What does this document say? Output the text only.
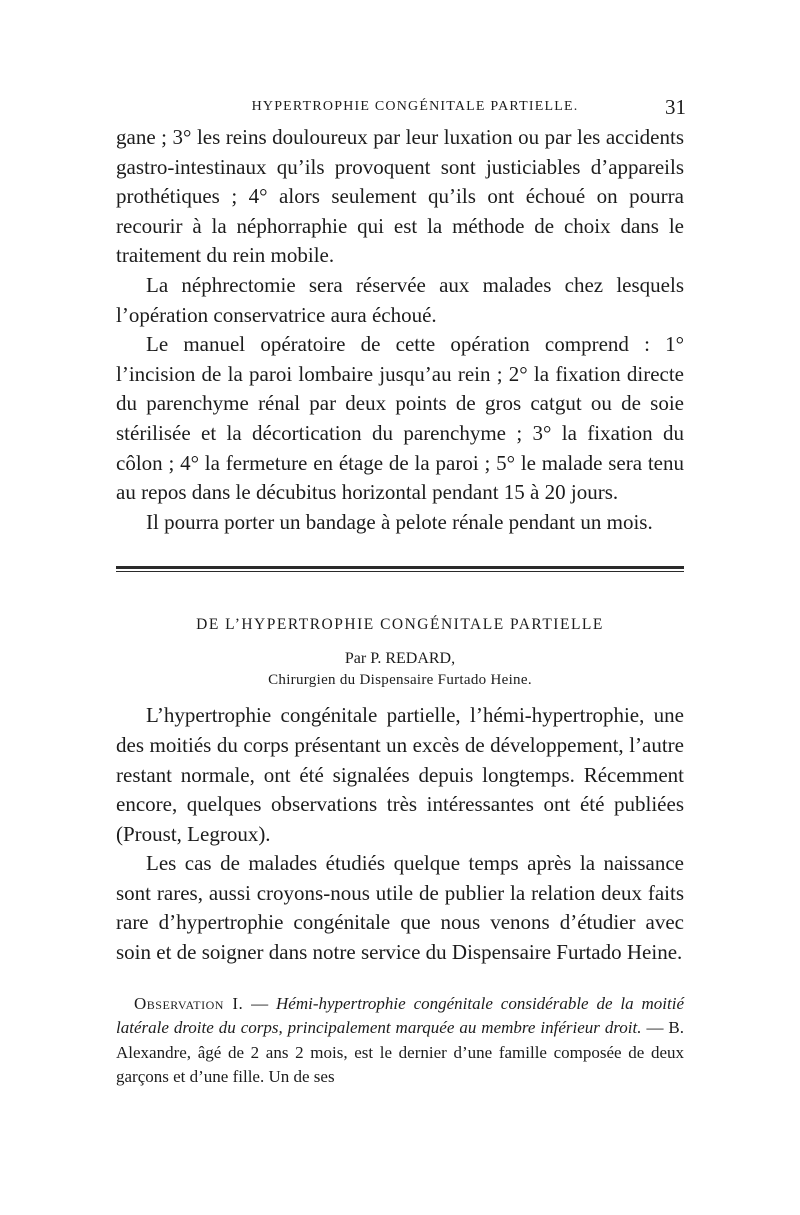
HYPERTROPHIE CONGÉNITALE PARTIELLE.	31

gane ; 3° les reins douloureux par leur luxation ou par les accidents gastro-intestinaux qu’ils provoquent sont justiciables d’appareils prothétiques ; 4° alors seulement qu’ils ont échoué on pourra recourir à la néphorraphie qui est la méthode de choix dans le traitement du rein mobile.

La néphrectomie sera réservée aux malades chez lesquels l’opération conservatrice aura échoué.

Le manuel opératoire de cette opération comprend : 1° l’incision de la paroi lombaire jusqu’au rein ; 2° la fixation directe du parenchyme rénal par deux points de gros catgut ou de soie stérilisée et la décortication du parenchyme ; 3° la fixation du côlon ; 4° la fermeture en étage de la paroi ; 5° le malade sera tenu au repos dans le décubitus horizontal pendant 15 à 20 jours.

Il pourra porter un bandage à pelote rénale pendant un mois.

DE L’HYPERTROPHIE CONGÉNITALE PARTIELLE
Par P. REDARD,
Chirurgien du Dispensaire Furtado Heine.

L’hypertrophie congénitale partielle, l’hémi-hypertrophie, une des moitiés du corps présentant un excès de développement, l’autre restant normale, ont été signalées depuis longtemps. Récemment encore, quelques observations très intéressantes ont été publiées (Proust, Legroux).

Les cas de malades étudiés quelque temps après la naissance sont rares, aussi croyons-nous utile de publier la relation deux faits rare d’hypertrophie congénitale que nous venons d’étudier avec soin et de soigner dans notre service du Dispensaire Furtado Heine.

Observation I. — Hémi-hypertrophie congénitale considérable de la moitié latérale droite du corps, principalement marquée au membre inférieur droit. — B. Alexandre, âgé de 2 ans 2 mois, est le dernier d’une famille composée de deux garçons et d’une fille. Un de ses
